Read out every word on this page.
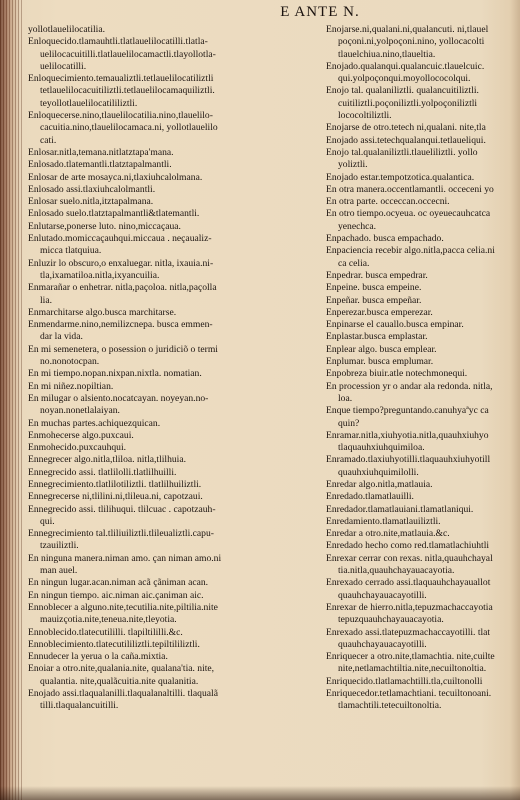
E ANTE N.
yollotlauelilocatilia.
Enloquecido.tlamauhtli.tlatlauelilocatilli.tlatla-
uelilocacuitilli.tlatlauelilocamactli.tlayollotla-
uelilocatilli.
Enloquecimiento.temaualiztli.tetlauelilocatiliztli
tetlauelilocacuitiliztli.tetlauelilocamaquiliztli.
teyollotlauelilocatililiztli.
Enloquecerse.nino,tlauelilocatilia.nino,tlauelilo-
cacuitia.nino,tlauelilocamaca.ni, yollotlauelilo
cati.
Enlosar.nitla,temana.nitlatztapa'mana.
Enlosado.tlatemantli.tlatztapalmantli.
Enlosar de arte mosayca.ni,tlaxiuhcalolmana.
Enlosado assi.tlaxiuhcalolmantli.
Enlosar suelo.nitla,itztapalmana.
Enlosado suelo.tlatztapalmantli&tlatemantli.
Enlutarse,ponerse luto. nino,miccaçaua.
Enlutado.momiccaçauhqui.miccaua . neçaualiz-
micca tlatquiua.
Enluzir lo obscuro,o enxaluegar. nitla, ixauia.ni-
tla,ixamatiloa.nitla,ixyancuilia.
Enmarañar o enhetrar. nitla,paçoloa. nitla,paçolla
lia.
Enmarchitarse algo.busca marchitarse.
Enmendarme.nino,nemilizcnepa. busca emmen-
dar la vida.
En mi semenetera, o posession o juridiciõ o termi
no.nonotocpan.
En mi tiempo.nopan.nixpan.nixtla. nomatian.
En mi niñez.nopiltian.
En milugar o alsiento.nocatcayan. noyeyan.no-
noyan.nonetlalaiyan.
En muchas partes.achiquezquican.
Enmohecerse algo.puxcaui.
Enmohecido.puxcauhqui.
Ennegrecer algo.nitla,tliloa. nitla,tlilhuia.
Ennegrecido assi. tlatlilolli.tlatlilhuilli.
Ennegrecimiento.tlatlilotiliztli. tlatlilhuiliztli.
Ennegrecerse ni,tlilini.ni,tlileua.ni, capotzaui.
Ennegrecido assi. tlilihuqui. tlilcuac . capotzauh-
qui.
Ennegrecimiento tal.tliliuiliztli.tlileualiztli.capu-
tzauiliztli.
En ninguna manera.niman amo. çan niman amo.ni
man auel.
En ningun lugar.acan.niman acã çãniman acan.
En ningun tiempo. aic.niman aic.çaniman aic.
Ennoblecer a alguno.nite,tecutilia.nite,piltilia.nite
mauizçotia.nite,teneua.nite,tleyotia.
Ennoblecido.tlatecutililli. tlapiltililli.&c.
Ennoblecimiento.tlatecutililiztli.tepiltililiztli.
Ennudecer la yerua o la caña.mixtia.
Enoiar a otro.nite,qualania.nite, qualana'tia. nite,
qualantia. nite,qualãcuitia.nite qualanitia.
Enojado assi.tlaqualanilli.tlaqualanaltilli. tlaqualã
tilli.tlaqualancuitilli.
Enojarse.ni,qualani.ni,qualancuti. ni,tlauel
poçoni.ni,yolpoçoni.nino, yollocacolti
tlauelchiua.nino,tlaueltia.
Enojado.qualanqui.qualancuic.tlauelcuic.
qui.yolpoçonqui.moyollococolqui.
Enojo tal. qualaniliztli. qualancuitiliztli.
cuitiliztli.poçoniliztli.yolpoçoniliztli
lococoltiliztli.
Enojarse de otro.tetech ni,qualani. nite,tla
Enojado assi.tetechqualanqui.tetlaueliqui.
Enojo tal.qualaniliztli.tlaueliliztli. yollo
yoliztli.
Enojado estar.tempotzotica.qualantica.
En otra manera.occentlamantli. occeceni yo
En otra parte. occeccan.occecni.
En otro tiempo.ocyeua. oc oyeuecauhcatca
yenechca.
Enpachado. busca empachado.
Enpaciencia recebir algo.nitla,pacca celia.ni
ca celia.
Enpedrar. busca empedrar.
Enpeine. busca empeine.
Enpeñar. busca empeñar.
Enperezar.busca emperezar.
Enpinarse el cauallo.busca empinar.
Enplastar.busca emplastar.
Enplear algo. busca emplear.
Enplumar. busca emplumar.
Enpobreza biuir.atle notechmonequi.
En procession yr o andar ala redonda. nitla,
loa.
Enque tiempo?preguntando.canuhyaªyc ca
quin?
Enramar.nitla,xiuhyotia.nitla,quauhxiuhyo
tlaquauhxiuhquimiloa.
Enramado.tlaxiuhyotilli.tlaquauhxiuhyotill
quauhxiuhquimilolli.
Enredar algo.nitla,matlauia.
Enredado.tlamatlauilli.
Enredador.tlamatlauiani.tlamatlaniqui.
Enredamiento.tlamatlauiliztli.
Enredar a otro.nite,matlauia.&c.
Enredado hecho como red.tlamatlachiuhtli
Enrexar cerrar con rexas. nitla,quauhchayal
tia.nitla,quauhchayauacayotia.
Enrexado cerrado assi.tlaquauhchayauallot
quauhchayauacayotilli.
Enrexar de hierro.nitla,tepuzmachaccayotia
tepuzquauhchayauacayotia.
Enrexado assi.tlatepuzmachaccayotilli. tlat
quauhchayauacayotilli.
Enriquecer a otro.nite,tlamachtia. nite,cuilte
nite,netlamachtiltia.nite,necuiltonoltia.
Enriquecido.tlatlamachtilli.tla,cuiltonolli
Enriquecedor.tetlamachtiani. tecuiltonoani.
tlamachtili.tetecuiltonoltia.
